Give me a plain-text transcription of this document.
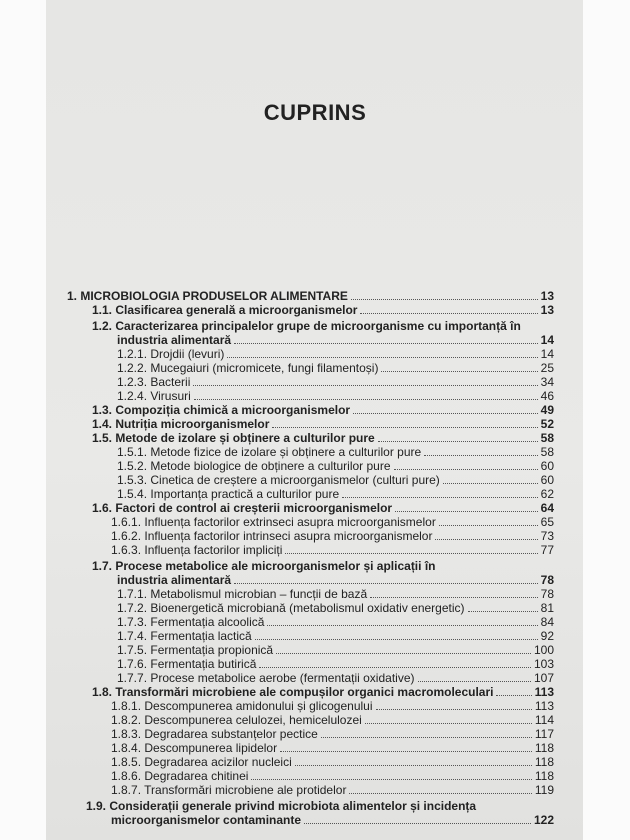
CUPRINS
1. MICROBIOLOGIA PRODUSELOR ALIMENTARE	13
1.1. Clasificarea generală a microorganismelor	13
1.2. Caracterizarea principalelor grupe de microorganisme cu importanță în
industria alimentară	14
1.2.1. Drojdii (levuri)	14
1.2.2. Mucegaiuri (micromicete, fungi filamentoși)	25
1.2.3. Bacterii	34
1.2.4. Virusuri	46
1.3. Compoziția chimică a microorganismelor	49
1.4. Nutriția microorganismelor	52
1.5. Metode de izolare și obținere a culturilor pure	58
1.5.1. Metode fizice de izolare și obținere a culturilor pure	58
1.5.2. Metode biologice de obținere a culturilor pure	60
1.5.3. Cinetica de creștere a microorganismelor (culturi pure)	60
1.5.4. Importanța practică a culturilor pure	62
1.6. Factori de control ai creșterii microorganismelor	64
1.6.1. Influența factorilor extrinseci asupra microorganismelor	65
1.6.2. Influența factorilor intrinseci asupra microorganismelor	73
1.6.3. Influența factorilor impliciți	77
1.7. Procese metabolice ale microorganismelor și aplicații în
industria alimentară	78
1.7.1. Metabolismul microbian – funcții de bază	78
1.7.2. Bioenergetică microbiană (metabolismul oxidativ energetic)	81
1.7.3. Fermentația alcoolică	84
1.7.4. Fermentația lactică	92
1.7.5. Fermentația propionică	100
1.7.6. Fermentația butirică	103
1.7.7. Procese metabolice aerobe (fermentații oxidative)	107
1.8. Transformări microbiene ale compușilor organici macromoleculari	113
1.8.1. Descompunerea amidonului și glicogenului	113
1.8.2. Descompunerea celulozei, hemicelulozei	114
1.8.3. Degradarea substanțelor pectice	117
1.8.4. Descompunerea lipidelor	118
1.8.5. Degradarea acizilor nucleici	118
1.8.6. Degradarea chitinei	118
1.8.7. Transformări microbiene ale protidelor	119
1.9. Considerații generale privind microbiota alimentelor și incidența
microorganismelor contaminante	122
